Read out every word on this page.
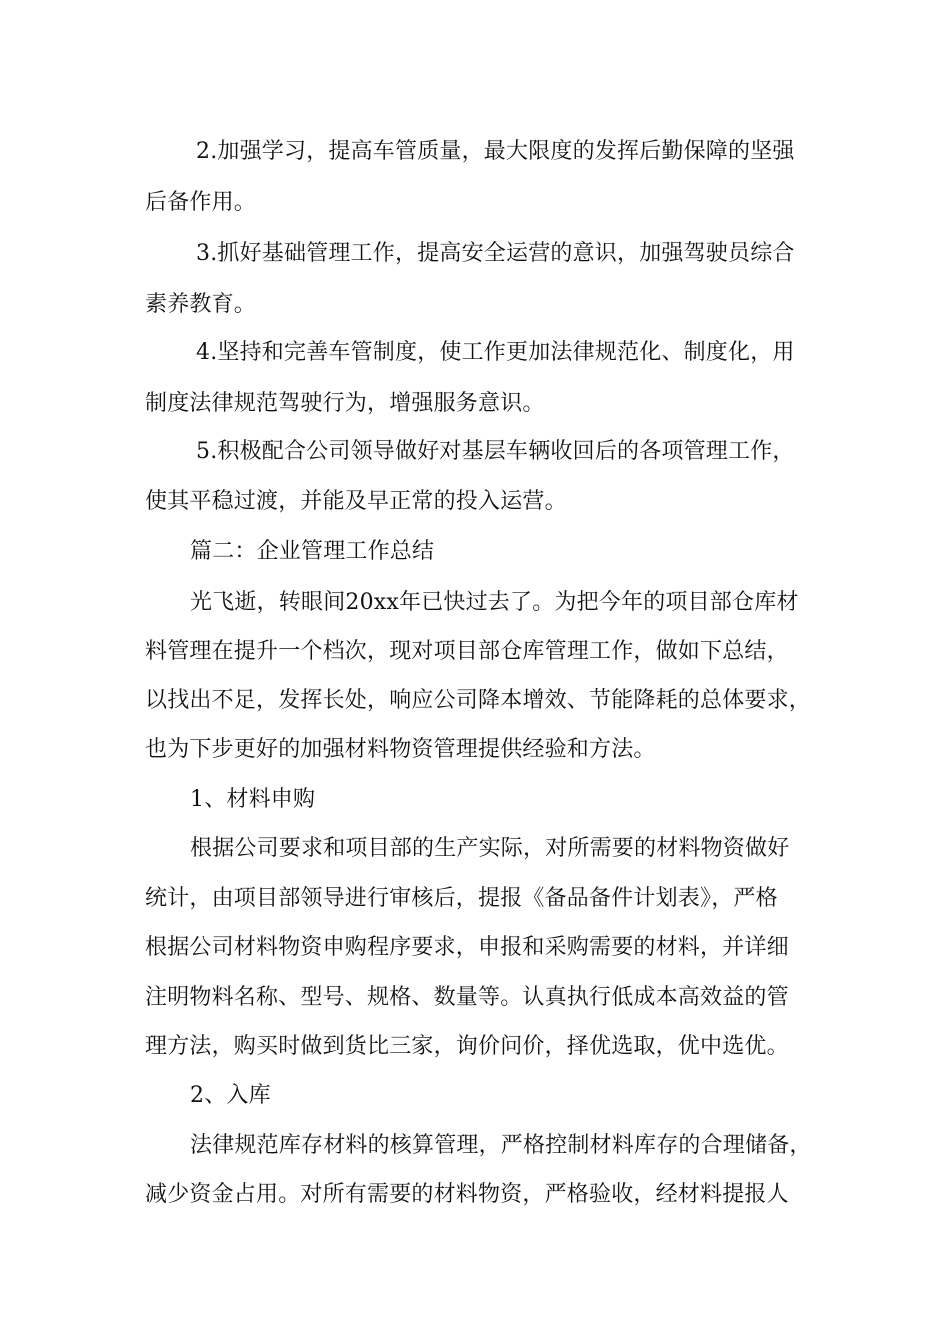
2.加强学习，提高车管质量，最大限度的发挥后勤保障的坚强
后备作用。
3.抓好基础管理工作，提高安全运营的意识，加强驾驶员综合
素养教育。
4.坚持和完善车管制度，使工作更加法律规范化、制度化，用
制度法律规范驾驶行为，增强服务意识。
5.积极配合公司领导做好对基层车辆收回后的各项管理工作，
使其平稳过渡，并能及早正常的投入运营。
篇二：企业管理工作总结
光飞逝，转眼间20xx年已快过去了。为把今年的项目部仓库材
料管理在提升一个档次，现对项目部仓库管理工作，做如下总结，
以找出不足，发挥长处，响应公司降本增效、节能降耗的总体要求，
也为下步更好的加强材料物资管理提供经验和方法。
1、材料申购
根据公司要求和项目部的生产实际，对所需要的材料物资做好
统计，由项目部领导进行审核后，提报《备品备件计划表》，严格
根据公司材料物资申购程序要求，申报和采购需要的材料，并详细
注明物料名称、型号、规格、数量等。认真执行低成本高效益的管
理方法，购买时做到货比三家，询价问价，择优选取，优中选优。
2、入库
法律规范库存材料的核算管理，严格控制材料库存的合理储备，
减少资金占用。对所有需要的材料物资，严格验收，经材料提报人
